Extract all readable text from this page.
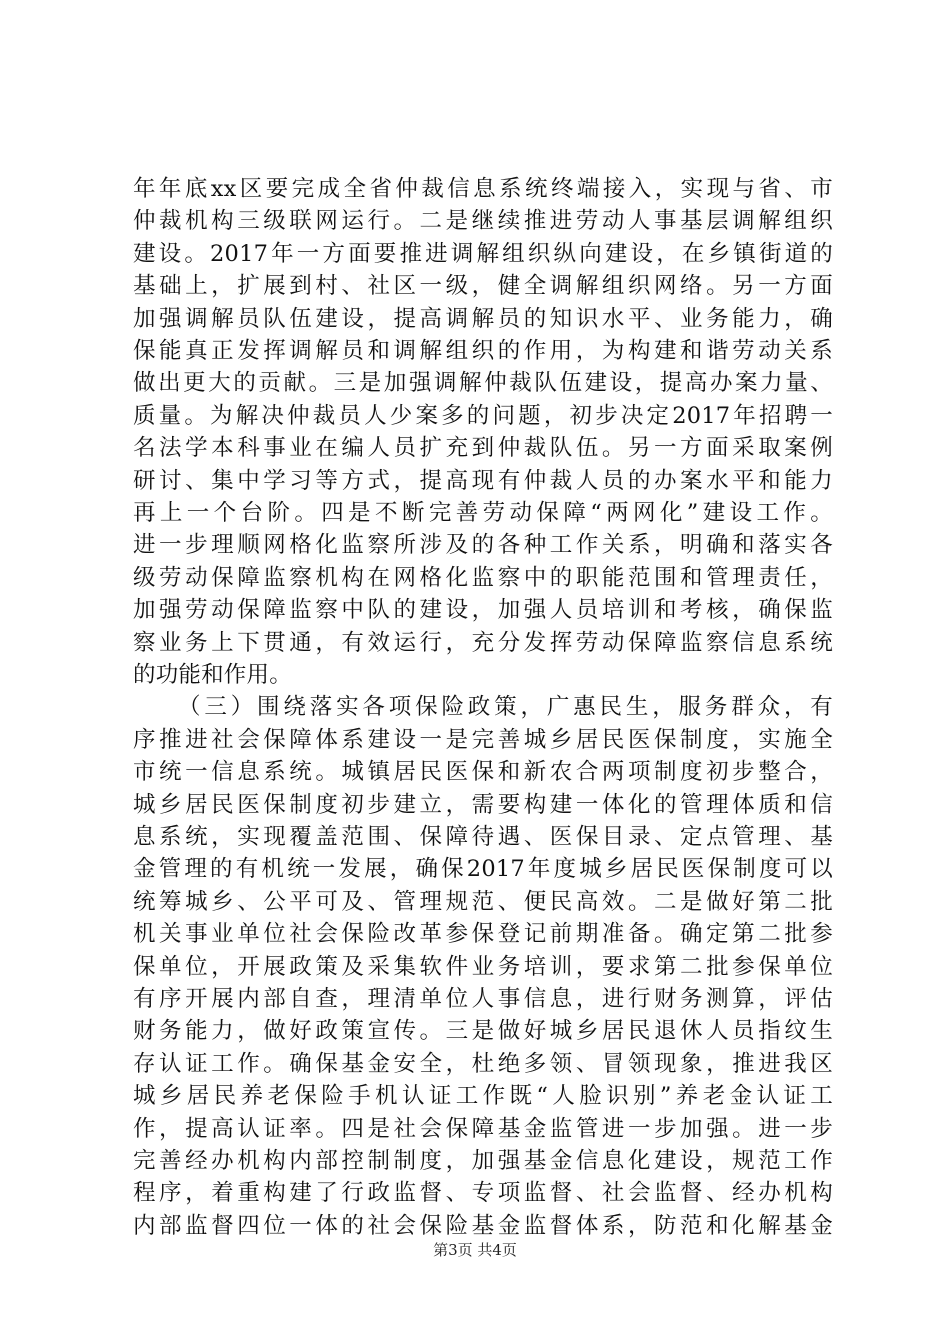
年年底xx区要完成全省仲裁信息系统终端接入，实现与省、市
仲裁机构三级联网运行。二是继续推进劳动人事基层调解组织
建设。2017年一方面要推进调解组织纵向建设，在乡镇街道的
基础上，扩展到村、社区一级，健全调解组织网络。另一方面
加强调解员队伍建设，提高调解员的知识水平、业务能力，确
保能真正发挥调解员和调解组织的作用，为构建和谐劳动关系
做出更大的贡献。三是加强调解仲裁队伍建设，提高办案力量、
质量。为解决仲裁员人少案多的问题，初步决定2017年招聘一
名法学本科事业在编人员扩充到仲裁队伍。另一方面采取案例
研讨、集中学习等方式，提高现有仲裁人员的办案水平和能力
再上一个台阶。四是不断完善劳动保障“两网化”建设工作。
进一步理顺网格化监察所涉及的各种工作关系，明确和落实各
级劳动保障监察机构在网格化监察中的职能范围和管理责任，
加强劳动保障监察中队的建设，加强人员培训和考核，确保监
察业务上下贯通，有效运行，充分发挥劳动保障监察信息系统
的功能和作用。
（三）围绕落实各项保险政策，广惠民生，服务群众，有
序推进社会保障体系建设一是完善城乡居民医保制度，实施全
市统一信息系统。城镇居民医保和新农合两项制度初步整合，
城乡居民医保制度初步建立，需要构建一体化的管理体质和信
息系统，实现覆盖范围、保障待遇、医保目录、定点管理、基
金管理的有机统一发展，确保2017年度城乡居民医保制度可以
统筹城乡、公平可及、管理规范、便民高效。二是做好第二批
机关事业单位社会保险改革参保登记前期准备。确定第二批参
保单位，开展政策及采集软件业务培训，要求第二批参保单位
有序开展内部自查，理清单位人事信息，进行财务测算，评估
财务能力，做好政策宣传。三是做好城乡居民退休人员指纹生
存认证工作。确保基金安全，杜绝多领、冒领现象，推进我区
城乡居民养老保险手机认证工作既“人脸识别”养老金认证工
作，提高认证率。四是社会保障基金监管进一步加强。进一步
完善经办机构内部控制制度，加强基金信息化建设，规范工作
程序，着重构建了行政监督、专项监督、社会监督、经办机构
内部监督四位一体的社会保险基金监督体系，防范和化解基金
第3页 共4页
